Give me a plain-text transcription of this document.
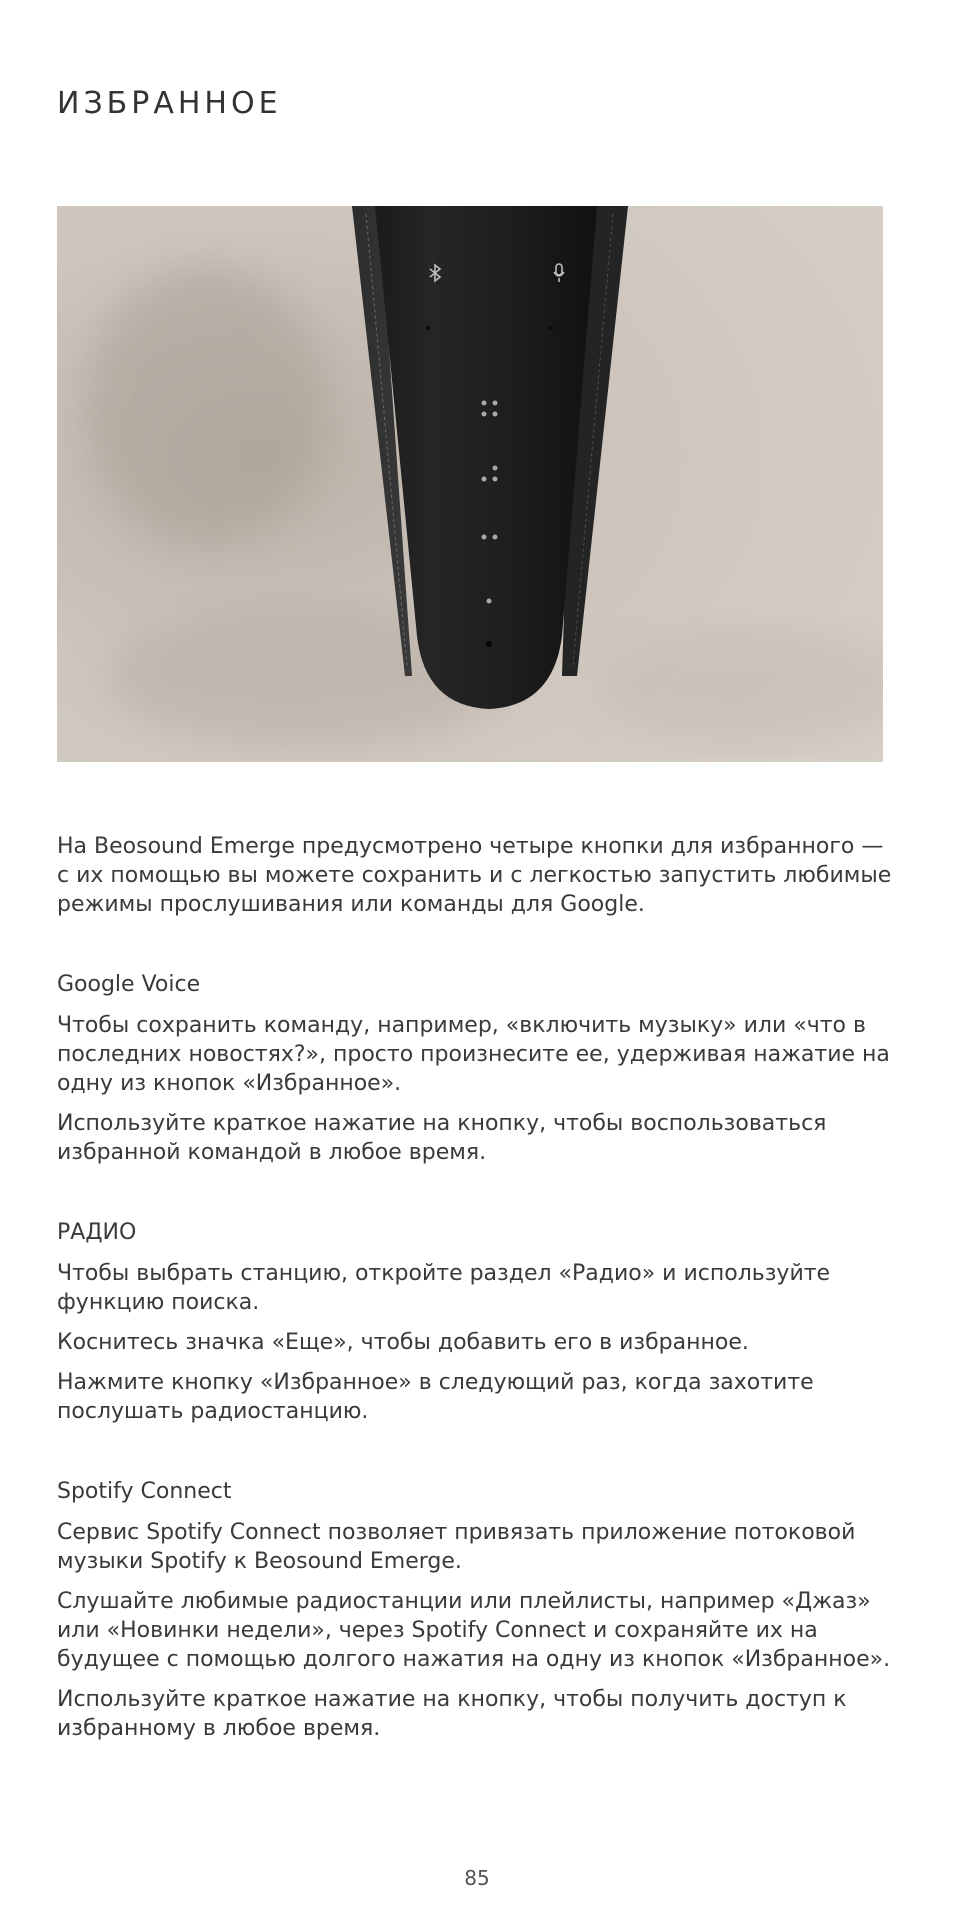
ИЗБРАННОЕ

На Beosound Emerge предусмотрено четыре кнопки для избранного — с их помощью вы можете сохранить и с легкостью запустить любимые режимы прослушивания или команды для Google.

Google Voice

Чтобы сохранить команду, например, «включить музыку» или «что в последних новостях?», просто произнесите ее, удерживая нажатие на одну из кнопок «Избранное».

Используйте краткое нажатие на кнопку, чтобы воспользоваться избранной командой в любое время.

РАДИО

Чтобы выбрать станцию, откройте раздел «Радио» и используйте функцию поиска.

Коснитесь значка «Еще», чтобы добавить его в избранное.

Нажмите кнопку «Избранное» в следующий раз, когда захотите послушать радиостанцию.

Spotify Connect

Сервис Spotify Connect позволяет привязать приложение потоковой музыки Spotify к Beosound Emerge.

Слушайте любимые радиостанции или плейлисты, например «Джаз» или «Новинки недели», через Spotify Connect и сохраняйте их на будущее с помощью долгого нажатия на одну из кнопок «Избранное».

Используйте краткое нажатие на кнопку, чтобы получить доступ к избранному в любое время.

85
